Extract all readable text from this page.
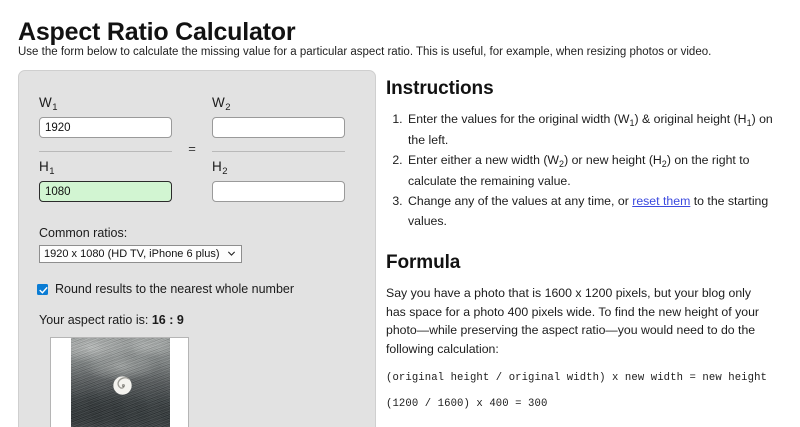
Aspect Ratio Calculator
Use the form below to calculate the missing value for a particular aspect ratio. This is useful, for example, when resizing photos or video.
$W_1$
1920
$H_1$
1080
$W_2$
$H_2$
=
Common ratios:
1920 x 1080 (HD TV, iPhone 6 plus)
Round results to the nearest whole number
Your aspect ratio is: 16 : 9
Instructions
1. Enter the values for the original width $(W_1)$ & original height $(H_1)$ on the left.
2. Enter either a new width $(W_2)$ or new height $(H_2)$ on the right to calculate the remaining value.
3. Change any of the values at any time, or reset them to the starting values.
Formula

Say you have a photo that is 1600 x 1200 pixels, but your blog only has space for a photo 400 pixels wide. To find the new height of your photo—while preserving the aspect ratio—you would need to do the following calculation:

(original height / original width) x new width = new height
(1200 / 1600) x 400 = 300
